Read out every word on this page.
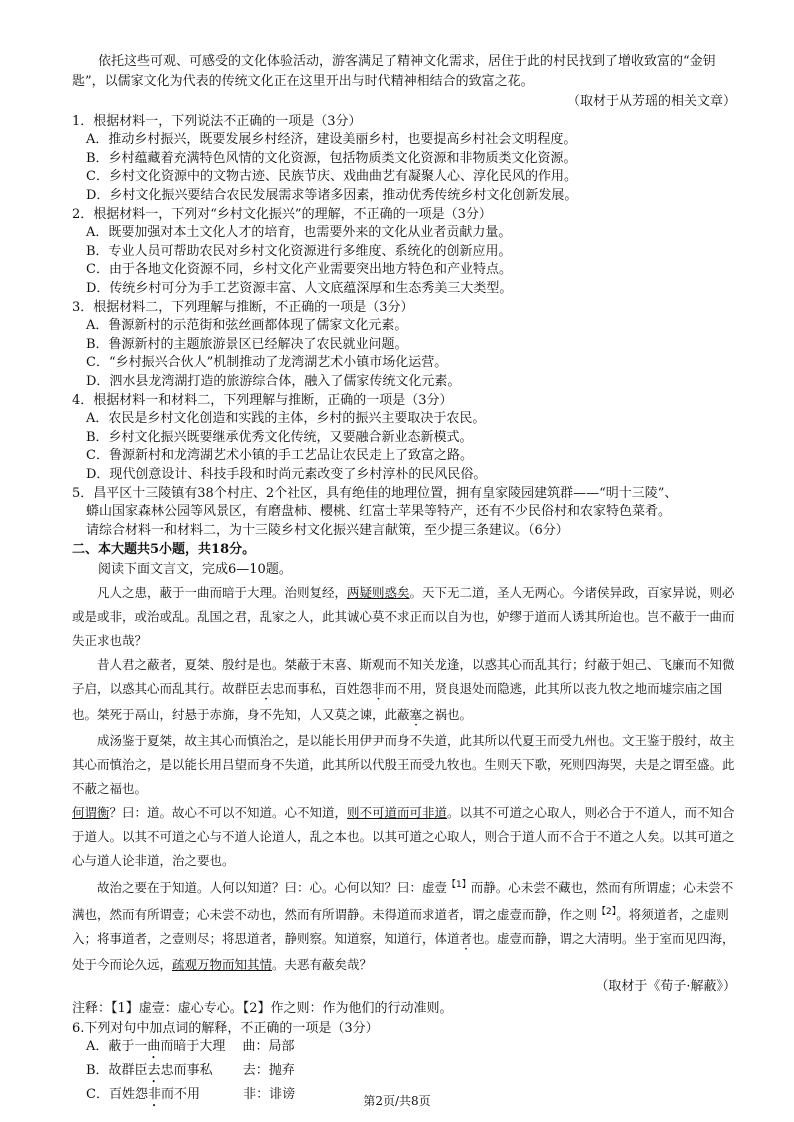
依托这些可观、可感受的文化体验活动，游客满足了精神文化需求，居住于此的村民找到了增收致富的“金钥匙”，以儒家文化为代表的传统文化正在这里开出与时代精神相结合的致富之花。

（取材于从芳瑶的相关文章）

1．根据材料一，下列说法不正确的一项是（3分）

A．推动乡村振兴，既要发展乡村经济，建设美丽乡村，也要提高乡村社会文明程度。

B．乡村蕴藏着充满特色风情的文化资源，包括物质类文化资源和非物质类文化资源。

C．乡村文化资源中的文物古迹、民族节庆、戏曲曲艺有凝聚人心、淳化民风的作用。

D．乡村文化振兴要结合农民发展需求等诸多因素，推动优秀传统乡村文化创新发展。

2．根据材料一，下列对“乡村文化振兴”的理解，不正确的一项是（3分）

A．既要加强对本土文化人才的培育，也需要外来的文化从业者贡献力量。

B．专业人员可帮助农民对乡村文化资源进行多维度、系统化的创新应用。

C．由于各地文化资源不同，乡村文化产业需要突出地方特色和产业特点。

D．传统乡村可分为手工艺资源丰富、人文底蕴深厚和生态秀美三大类型。

3．根据材料二，下列理解与推断，不正确的一项是（3分）

A．鲁源新村的示范街和弦丝画都体现了儒家文化元素。

B．鲁源新村的主题旅游景区已经解决了农民就业问题。

C．“乡村振兴合伙人”机制推动了龙湾湖艺术小镇市场化运营。

D．泗水县龙湾湖打造的旅游综合体，融入了儒家传统文化元素。

4．根据材料一和材料二，下列理解与推断，正确的一项是（3分）

A．农民是乡村文化创造和实践的主体，乡村的振兴主要取决于农民。

B．乡村文化振兴既要继承优秀文化传统，又要融合新业态新模式。

C．鲁源新村和龙湾湖艺术小镇的手工艺品让农民走上了致富之路。

D．现代创意设计、科技手段和时尚元素改变了乡村淳朴的民风民俗。

5．昌平区十三陵镇有38个村庄、2个社区，具有绝佳的地理位置，拥有皇家陵园建筑群——“明十三陵”、

蟒山国家森林公园等风景区，有磨盘柿、樱桃、红富士苹果等特产，还有不少民俗村和农家特色菜肴。

请综合材料一和材料二，为十三陵乡村文化振兴建言献策，至少提三条建议。（6分）

二、本大题共5小题，共18分。

阅读下面文言文，完成6—10题。

凡人之患，蔽于一曲而暗于大理。治则复经，两疑则惑矣。天下无二道，圣人无两心。今诸侯异政，百家异说，则必或是或非，或治或乱。乱国之君，乱家之人，此其诚心莫不求正而以自为也，妒缪于道而人诱其所迨也。岂不蔽于一曲而失正求也哉？

昔人君之蔽者，夏桀、殷纣是也。桀蔽于末喜、斯观而不知关龙逢，以惑其心而乱其行；纣蔽于妲己、飞廉而不知微子启，以惑其心而乱其行。故群臣去忠而事私，百姓怨非而不用，贤良退处而隐逃，此其所以丧九牧之地而墟宗庙之国也。桀死于鬲山，纣悬于赤旆，身不先知，人又莫之谏，此蔽塞之祸也。

成汤鉴于夏桀，故主其心而慎治之，是以能长用伊尹而身不失道，此其所以代夏王而受九州也。文王鉴于殷纣，故主其心而慎治之，是以能长用吕望而身不失道，此其所以代殷王而受九牧也。生则天下歌，死则四海哭，夫是之谓至盛。此不蔽之福也。

何谓衡？曰：道。故心不可以不知道。心不知道，则不可道而可非道。以其不可道之心取人，则必合于不道人，而不知合于道人。以其不可道之心与不道人论道人，乱之本也。以其可道之心取人，则合于道人而不合于不道之人矣。以其可道之心与道人论非道，治之要也。

故治之要在于知道。人何以知道？曰：心。心何以知？曰：虚壹$^{【1】}$而静。心未尝不藏也，然而有所谓虚；心未尝不满也，然而有所谓壹；心未尝不动也，然而有所谓静。未得道而求道者，谓之虚壹而静，作之则$^{【2】}$。将须道者，之虚则入；将事道者，之壹则尽；将思道者，静则察。知道察，知道行，体道者也。虚壹而静，谓之大清明。坐于室而见四海，处于今而论久远，疏观万物而知其情。夫恶有蔽矣哉？

（取材于《荀子·解蔽》）

注释：【1】虚壹：虚心专心。【2】作之则：作为他们的行动准则。

6.下列对句中加点词的解释，不正确的一项是（3分）

A．蔽于一曲而暗于大理　 曲：局部

B．故群臣去忠而事私　　 去：抛弃

C．百姓怨非而不用　　　 非：诽谤	第2页/共8页
